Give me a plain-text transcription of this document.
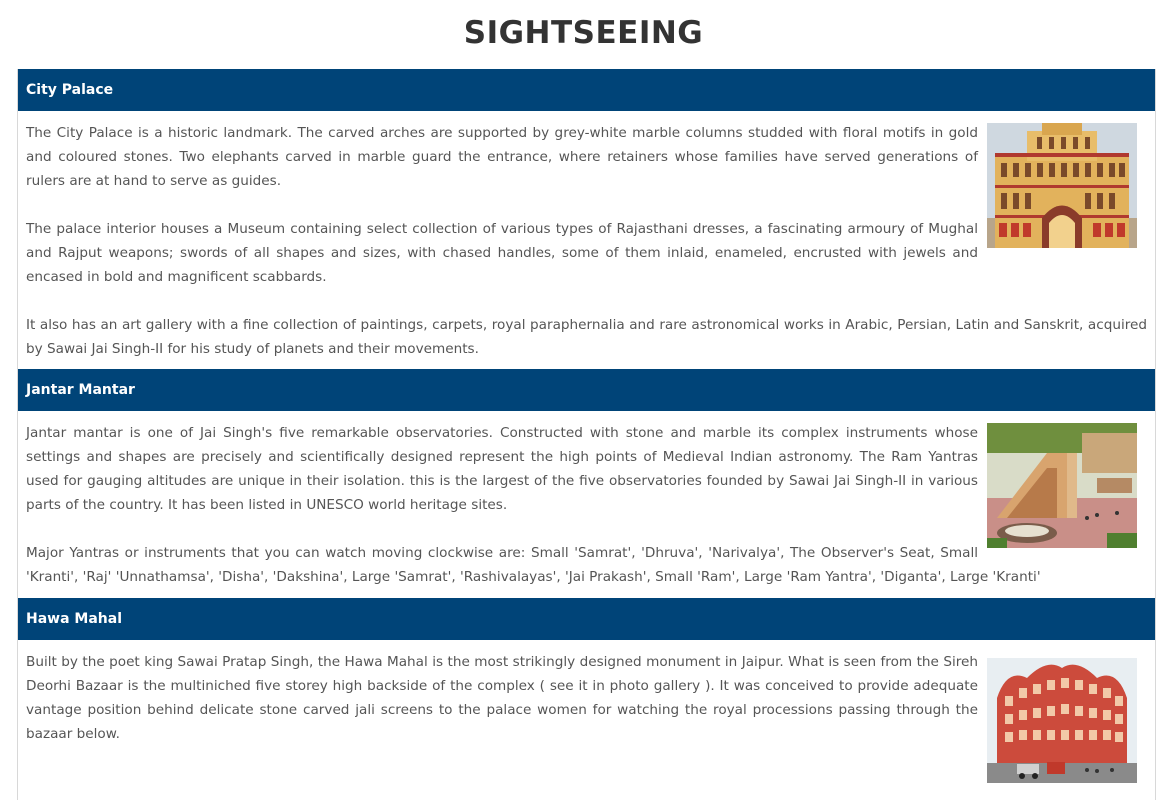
SIGHTSEEING
City Palace

The City Palace is a historic landmark. The carved arches are supported by grey-white marble columns studded with floral motifs in gold and coloured stones. Two elephants carved in marble guard the entrance, where retainers whose families have served generations of rulers are at hand to serve as guides.

The palace interior houses a Museum containing select collection of various types of Rajasthani dresses, a fascinating armoury of Mughal and Rajput weapons; swords of all shapes and sizes, with chased handles, some of them inlaid, enameled, encrusted with jewels and encased in bold and magnificent scabbards.

It also has an art gallery with a fine collection of paintings, carpets, royal paraphernalia and rare astronomical works in Arabic, Persian, Latin and Sanskrit, acquired by Sawai Jai Singh-II for his study of planets and their movements.

Jantar Mantar

Jantar mantar is one of Jai Singh's five remarkable observatories. Constructed with stone and marble its complex instruments whose settings and shapes are precisely and scientifically designed represent the high points of Medieval Indian astronomy. The Ram Yantras used for gauging altitudes are unique in their isolation. this is the largest of the five observatories founded by Sawai Jai Singh-II in various parts of the country. It has been listed in UNESCO world heritage sites.

Major Yantras or instruments that you can watch moving clockwise are: Small 'Samrat', 'Dhruva', 'Narivalya', The Observer's Seat, Small 'Kranti', 'Raj' 'Unnathamsa', 'Disha', 'Dakshina', Large 'Samrat', 'Rashivalayas', 'Jai Prakash', Small 'Ram', Large 'Ram Yantra', 'Diganta', Large 'Kranti'

Hawa Mahal

Built by the poet king Sawai Pratap Singh, the Hawa Mahal is the most strikingly designed monument in Jaipur. What is seen from the Sireh Deorhi Bazaar is the multiniched five storey high backside of the complex ( see it in photo gallery ). It was conceived to provide adequate vantage position behind delicate stone carved jali screens to the palace women for watching the royal processions passing through the bazaar below.
